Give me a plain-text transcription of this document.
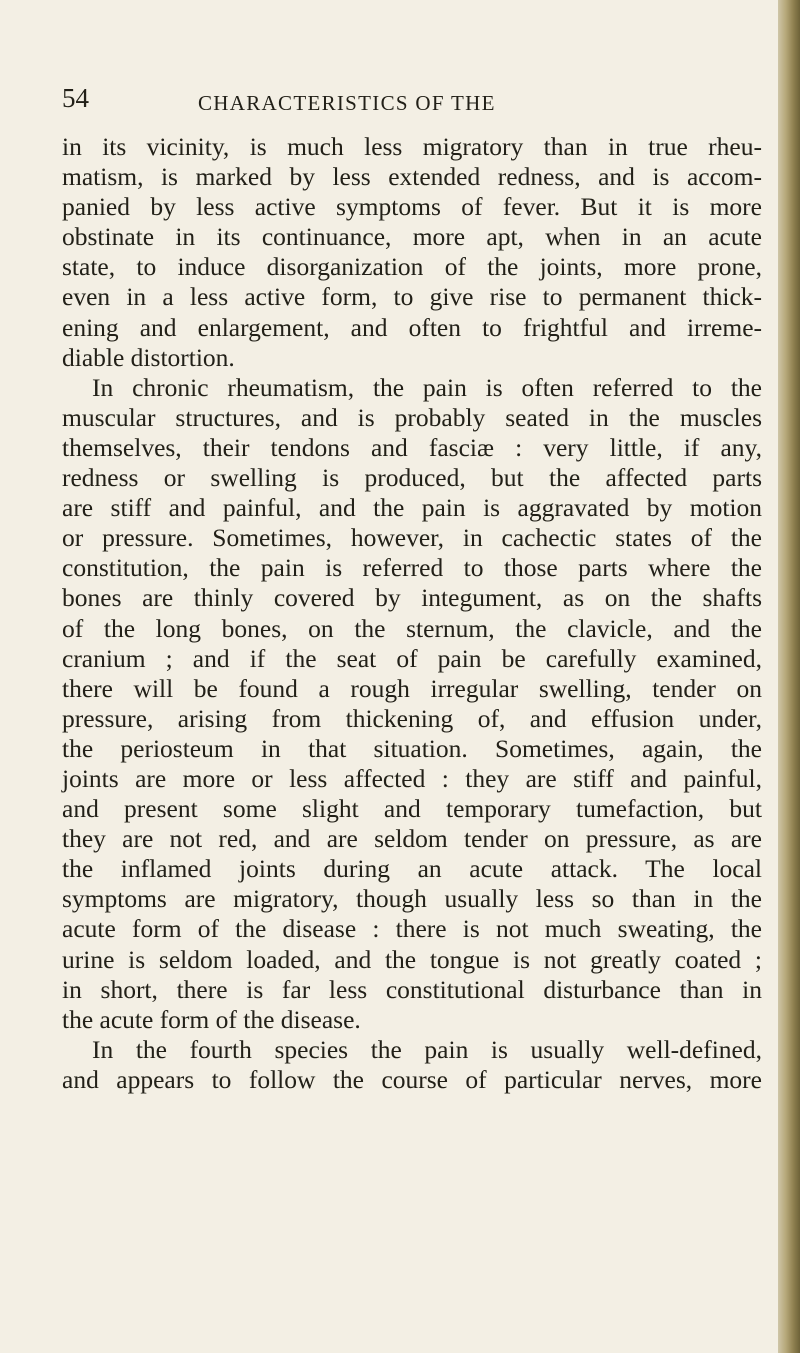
54	CHARACTERISTICS OF THE
in its vicinity, is much less migratory than in true rheu-
matism, is marked by less extended redness, and is accom-
panied by less active symptoms of fever. But it is more
obstinate in its continuance, more apt, when in an acute
state, to induce disorganization of the joints, more prone,
even in a less active form, to give rise to permanent thick-
ening and enlargement, and often to frightful and irreme-
diable distortion.
In chronic rheumatism, the pain is often referred to the
muscular structures, and is probably seated in the muscles
themselves, their tendons and fasciæ : very little, if any,
redness or swelling is produced, but the affected parts
are stiff and painful, and the pain is aggravated by motion
or pressure. Sometimes, however, in cachectic states of the
constitution, the pain is referred to those parts where the
bones are thinly covered by integument, as on the shafts
of the long bones, on the sternum, the clavicle, and the
cranium ; and if the seat of pain be carefully examined,
there will be found a rough irregular swelling, tender on
pressure, arising from thickening of, and effusion under,
the periosteum in that situation. Sometimes, again, the
joints are more or less affected : they are stiff and painful,
and present some slight and temporary tumefaction, but
they are not red, and are seldom tender on pressure, as are
the inflamed joints during an acute attack. The local
symptoms are migratory, though usually less so than in the
acute form of the disease : there is not much sweating, the
urine is seldom loaded, and the tongue is not greatly coated ;
in short, there is far less constitutional disturbance than in
the acute form of the disease.
In the fourth species the pain is usually well-defined,
and appears to follow the course of particular nerves, more
